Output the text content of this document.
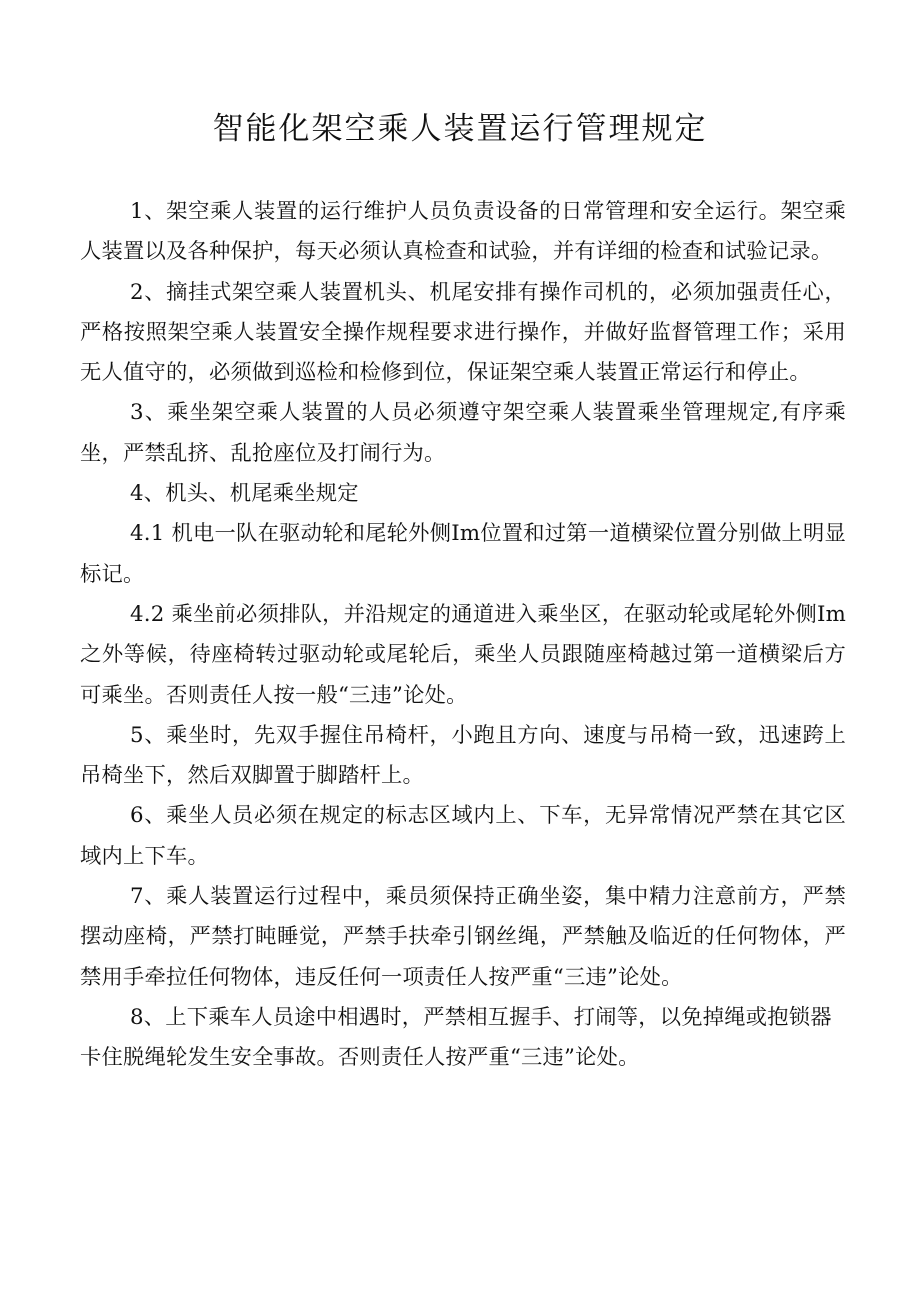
智能化架空乘人装置运行管理规定

1、架空乘人装置的运行维护人员负责设备的日常管理和安全运行。架空乘人装置以及各种保护，每天必须认真检查和试验，并有详细的检查和试验记录。

2、摘挂式架空乘人装置机头、机尾安排有操作司机的，必须加强责任心，严格按照架空乘人装置安全操作规程要求进行操作，并做好监督管理工作；采用无人值守的，必须做到巡检和检修到位，保证架空乘人装置正常运行和停止。

3、乘坐架空乘人装置的人员必须遵守架空乘人装置乘坐管理规定,有序乘坐，严禁乱挤、乱抢座位及打闹行为。

4、机头、机尾乘坐规定

4.1 机电一队在驱动轮和尾轮外侧Im位置和过第一道横梁位置分别做上明显标记。

4.2 乘坐前必须排队，并沿规定的通道进入乘坐区，在驱动轮或尾轮外侧Im之外等候，待座椅转过驱动轮或尾轮后，乘坐人员跟随座椅越过第一道横梁后方可乘坐。否则责任人按一般“三违”论处。

5、乘坐时，先双手握住吊椅杆，小跑且方向、速度与吊椅一致，迅速跨上吊椅坐下，然后双脚置于脚踏杆上。

6、乘坐人员必须在规定的标志区域内上、下车，无异常情况严禁在其它区域内上下车。

7、乘人装置运行过程中，乘员须保持正确坐姿，集中精力注意前方，严禁摆动座椅，严禁打盹睡觉，严禁手扶牵引钢丝绳，严禁触及临近的任何物体，严禁用手牵拉任何物体，违反任何一项责任人按严重“三违”论处。

8、上下乘车人员途中相遇时，严禁相互握手、打闹等，以免掉绳或抱锁器卡住脱绳轮发生安全事故。否则责任人按严重“三违”论处。
